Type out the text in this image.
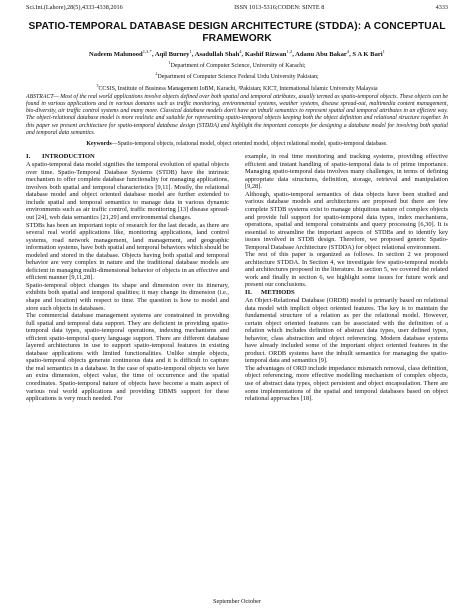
Sci.Int.(Lahore),28(5),4333-4338,2016	ISSN 1013-5316;CODEN: SINTE 8	4333
SPATIO-TEMPORAL DATABASE DESIGN ARCHITECTURE (STDDA): A CONCEPTUAL FRAMEWORK
Nadeem Mahmood$^{1,3,*}$, Aqil Burney$^1$, Asadullah Shah$^4$, Kashif Rizwan$^{1,2}$, Adanu Abu Bakar$^4$, S A K Bari$^1$
$^1$Department of Computer Science, University of Karachi;
$^2$Department of Computer Science Federal Urdu University Pakistan;
$^3$CCSIS, Institute of Business Management IoBM, Karachi, ³Pakistan; KICT, International Islamic University Malaysia
ABSTRACT— Most of the real world applications involve objects defined over both spatial and temporal attributes, usually termed as spatio-temporal objects. These objects can be found in various applications and in various domains such as traffic monitoring, environmental systems, weather systems, disease spread-out, multimedia content management, bio-diversity, air traffic control systems and many more. Classical database models don't have an inbuilt semantics to represent spatial and temporal attributes in an efficient way. The object-relational database model is more realistic and suitable for representing spatio-temporal objects keeping both the object definition and relational structure together. In this paper we present architecture for spatio-temporal database design (STDDA) and highlight the important concepts for designing a database model for involving both spatial and temporal data semantics.
Keywords—Spatio-temporal objects, relational model, object oriented model, object relational model, spatio-temporal database.
I. INTRODUCTION

A spatio-temporal data model signifies the temporal evolution of spatial objects over time. Spatio-Temporal Database Systems (STDB) have the intrinsic mechanism to offer complete database functionality for managing applications, involves both spatial and temporal characteristics [9,11]. Mostly, the relational database model and object oriented database model are further extended to include spatial and temporal semantics to manage data in various dynamic environments such as air traffic control, traffic monitoring [13] disease spread-out [24], web data semantics [21,29] and environmental changes.

STDBs has been an important topic of research for the last decade, as there are several real world applications like, monitoring applications, land control systems, road network management, land management, and geographic information systems, have both spatial and temporal behaviors which should be modeled and stored in the database. Objects having both spatial and temporal behavior are very complex in nature and the traditional database models are deficient in managing multi-dimensional behavior of objects in an effective and efficient manner [9,11,28].

Spatio-temporal object changes its shape and dimension over its itinerary, exhibits both spatial and temporal qualities; it may change its dimension (i.e., shape and location) with respect to time. The question is how to model and store such objects in databases.

The commercial database management systems are constrained in providing full spatial and temporal data support. They are deficient in providing spatio-temporal data types, spatio-temporal operations, indexing mechanisms and efficient spatio-temporal query language support. There are different database layered architectures in use to support spatio-temporal features in existing database applications with limited functionalities. Unlike simple objects, spatio-temporal objects generate continuous data and it is difficult to capture the real semantics in a database. In the case of spatio-temporal objects we have an extra dimension, object value, the time of occurrence and the spatial coordinates. Spatio-temporal nature of objects have become a main aspect of various real world applications and providing DBMS support for these applications is very much needed. For

example, in real time monitoring and tracking systems, providing effective efficient and instant handling of spatio-temporal data is of prime importance. Managing spatio-temporal data involves many challenges, in terms of defining appropriate data structures, definition, storage, retrieval and manipulation [9,28].

Although, spatio-temporal semantics of data objects have been studied and various database models and architectures are proposed but there are few complete STDB systems exist to manage ubiquitous nature of complex objects and provide full support for spatio-temporal data types, index mechanisms, operations, spatial and temporal constraints and query processing [6,30]. It is essential to streamline the important aspects of STDBs and to identify key issues involved in STDB design. Therefore, we proposed generic Spatio-Temporal Database Architecture (STDDA) for object relational environment.

The rest of this paper is organized as follows. In section 2 we proposed architecture STDDA. In Section 4, we investigate few spatio-temporal models and architectures proposed in the literature. In section 5, we covered the related work and finally in section 6, we highlight some issues for future work and present our conclusions.

II. METHODS

An Object-Relational Database (ORDB) model is primarily based on relational data model with implicit object oriented features. The key is to maintain the fundamental structure of a relation as per the relational model. However, certain object oriented features can be associated with the definition of a relation which includes definition of abstract data types, user defined types, behavior, class abstraction and object referencing. Modern database systems have already included some of the important object oriented features in the product. ORDB systems have the inbuilt semantics for managing the spatio-temporal data and semantics [9].

The advantages of ORD include impedance mismatch removal, class definition, object referencing, more effective modelling mechanism of complex objects, use of abstract data types, object persistent and object encapsulation. There are some implementations of the spatial and temporal databases based on object relational approaches [18].

September October
